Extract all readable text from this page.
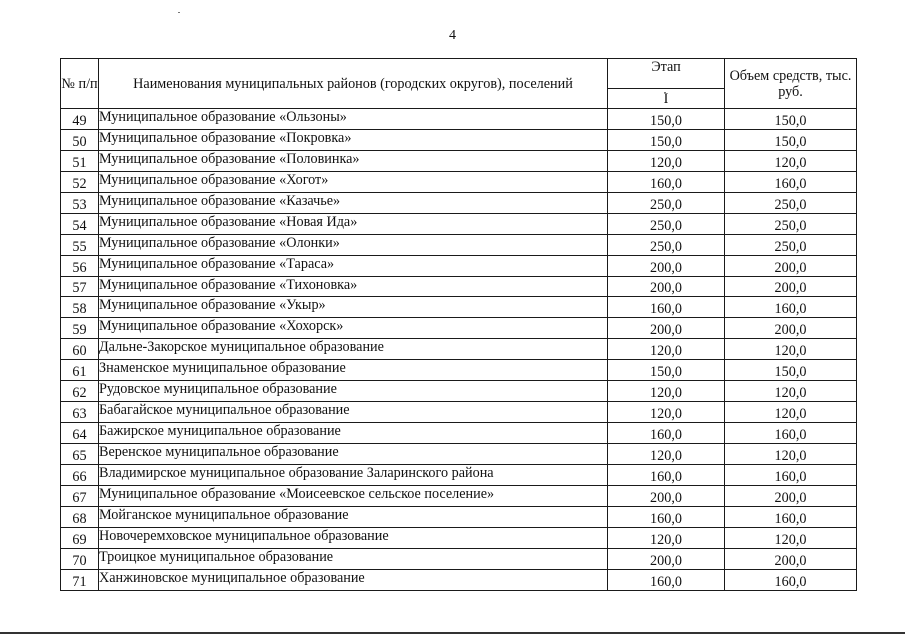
4
№ п/п	Наименования муниципальных районов (городских округов), поселений	Этап	Объем средств, тыс. руб.
		I	
49	Муниципальное образование «Ользоны»	150,0	150,0
50	Муниципальное образование «Покровка»	150,0	150,0
51	Муниципальное образование «Половинка»	120,0	120,0
52	Муниципальное образование «Хогот»	160,0	160,0
53	Муниципальное образование «Казачье»	250,0	250,0
54	Муниципальное образование «Новая Ида»	250,0	250,0
55	Муниципальное образование «Олонки»	250,0	250,0
56	Муниципальное образование «Тараса»	200,0	200,0
57	Муниципальное образование «Тихоновка»	200,0	200,0
58	Муниципальное образование «Укыр»	160,0	160,0
59	Муниципальное образование «Хохорск»	200,0	200,0
60	Дальне-Закорское муниципальное образование	120,0	120,0
61	Знаменское муниципальное образование	150,0	150,0
62	Рудовское муниципальное образование	120,0	120,0
63	Бабагайское муниципальное образование	120,0	120,0
64	Бажирское муниципальное образование	160,0	160,0
65	Веренское муниципальное образование	120,0	120,0
66	Владимирское муниципальное образование Заларинского района	160,0	160,0
67	Муниципальное образование «Моисеевское сельское поселение»	200,0	200,0
68	Мойганское муниципальное образование	160,0	160,0
69	Новочеремховское муниципальное образование	120,0	120,0
70	Троицкое муниципальное образование	200,0	200,0
71	Ханжиновское муниципальное образование	160,0	160,0
